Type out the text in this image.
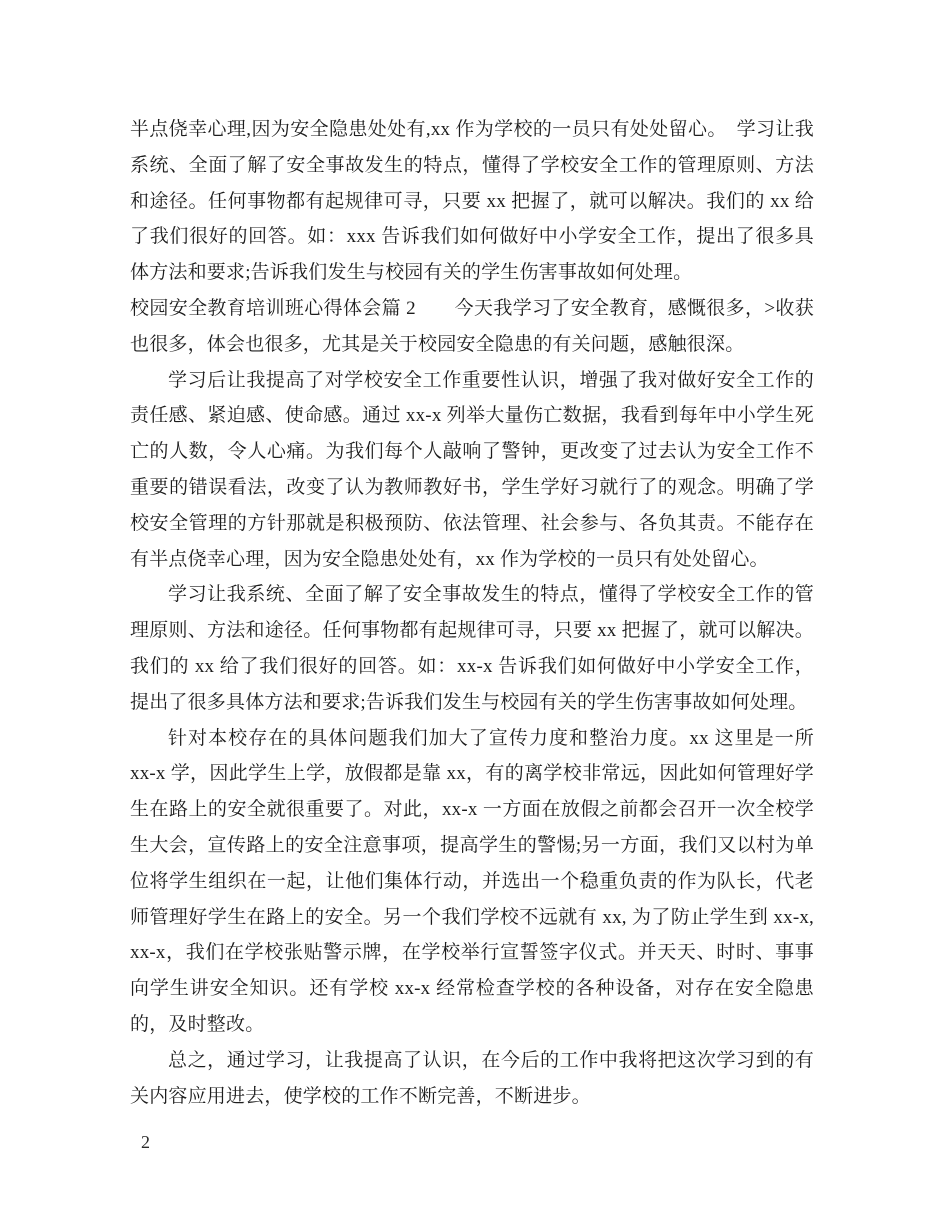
半点侥幸心理,因为安全隐患处处有,xx 作为学校的一员只有处处留心。　学习让我系统、全面了解了安全事故发生的特点，懂得了学校安全工作的管理原则、方法和途径。任何事物都有起规律可寻，只要 xx 把握了，就可以解决。我们的 xx 给了我们很好的回答。如：xxx 告诉我们如何做好中小学安全工作，提出了很多具体方法和要求;告诉我们发生与校园有关的学生伤害事故如何处理。

校园安全教育培训班心得体会篇 2　　今天我学习了安全教育，感慨很多，>收获也很多，体会也很多，尤其是关于校园安全隐患的有关问题，感触很深。

学习后让我提高了对学校安全工作重要性认识，增强了我对做好安全工作的责任感、紧迫感、使命感。通过 xx-x 列举大量伤亡数据，我看到每年中小学生死亡的人数，令人心痛。为我们每个人敲响了警钟，更改变了过去认为安全工作不重要的错误看法，改变了认为教师教好书，学生学好习就行了的观念。明确了学校安全管理的方针那就是积极预防、依法管理、社会参与、各负其责。不能存在有半点侥幸心理，因为安全隐患处处有，xx 作为学校的一员只有处处留心。

学习让我系统、全面了解了安全事故发生的特点，懂得了学校安全工作的管理原则、方法和途径。任何事物都有起规律可寻，只要 xx 把握了，就可以解决。我们的 xx 给了我们很好的回答。如：xx-x 告诉我们如何做好中小学安全工作，提出了很多具体方法和要求;告诉我们发生与校园有关的学生伤害事故如何处理。

针对本校存在的具体问题我们加大了宣传力度和整治力度。xx 这里是一所 xx-x 学，因此学生上学，放假都是靠 xx，有的离学校非常远，因此如何管理好学生在路上的安全就很重要了。对此，xx-x 一方面在放假之前都会召开一次全校学生大会，宣传路上的安全注意事项，提高学生的警惕;另一方面，我们又以村为单位将学生组织在一起，让他们集体行动，并选出一个稳重负责的作为队长，代老师管理好学生在路上的安全。另一个我们学校不远就有 xx, 为了防止学生到 xx-x, xx-x，我们在学校张贴警示牌，在学校举行宣誓签字仪式。并天天、时时、事事向学生讲安全知识。还有学校 xx-x 经常检查学校的各种设备，对存在安全隐患的，及时整改。

总之，通过学习，让我提高了认识，在今后的工作中我将把这次学习到的有关内容应用进去，使学校的工作不断完善，不断进步。

2
